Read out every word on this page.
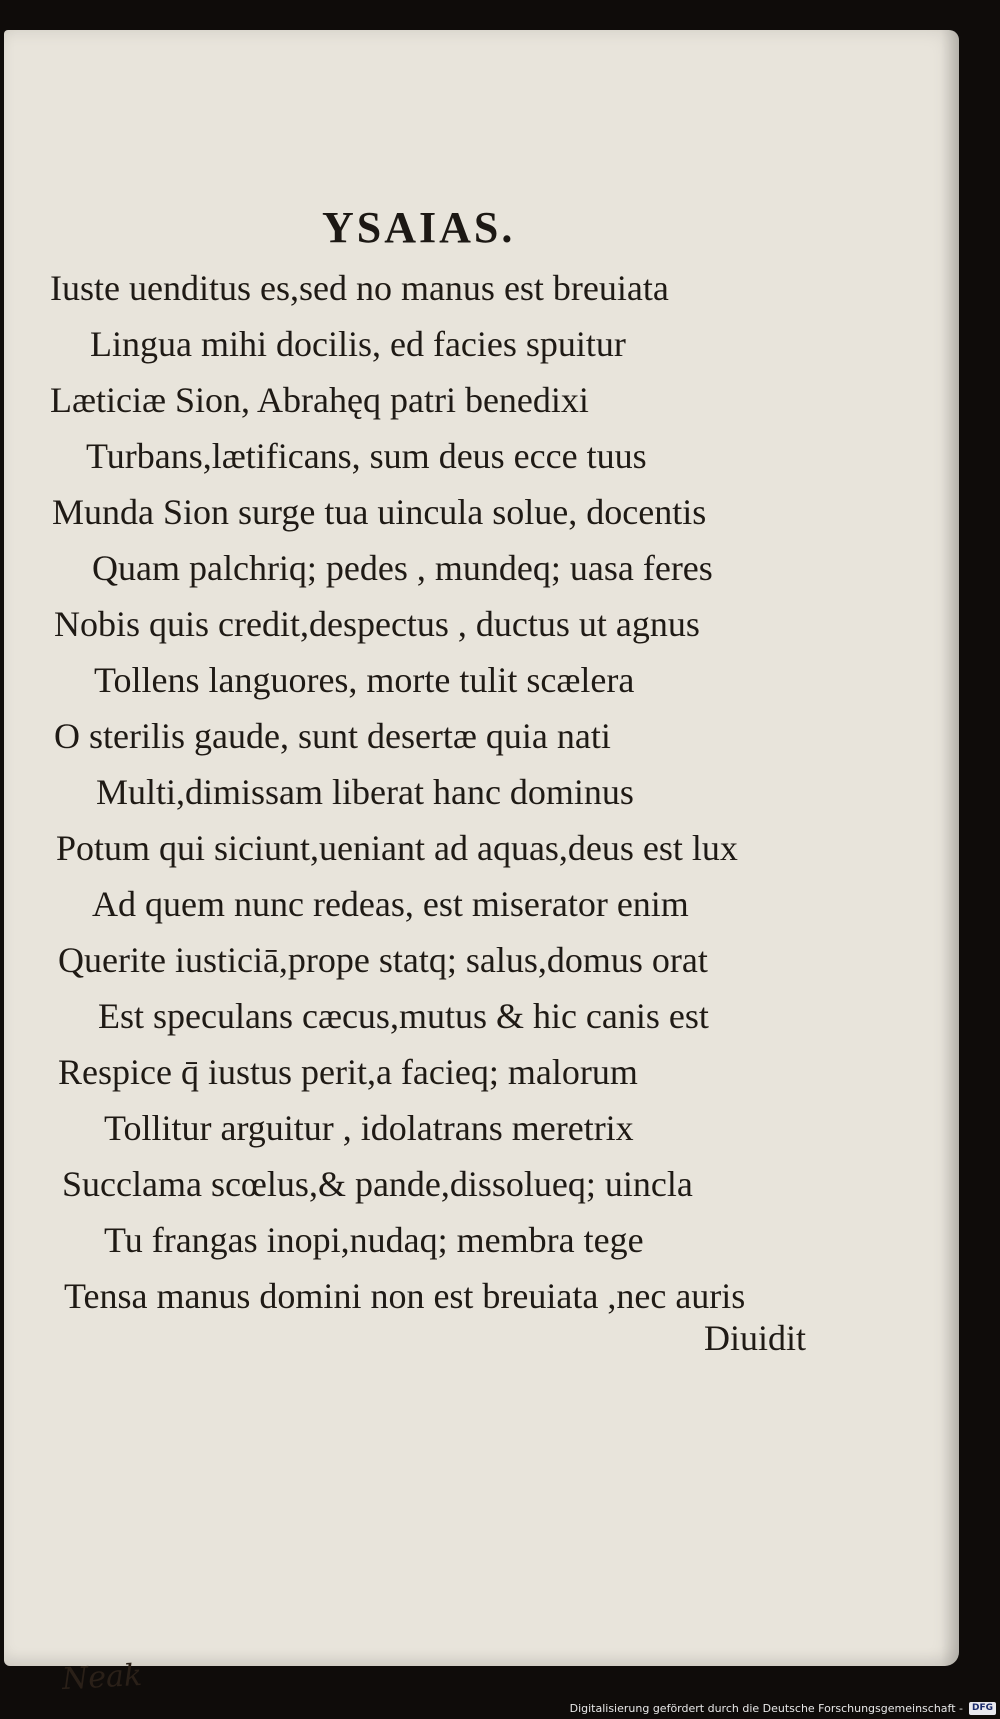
YSAIAS.
Iuste uenditus es,sed no manus est breuiata
Lingua mihi docilis, ed facies spuitur
Læticiæ Sion, Abrahęq patri benedixi
Turbans,lætificans, sum deus ecce tuus
Munda Sion surge tua uincula solue, docentis
Quam palchriq; pedes , mundeq; uasa feres
Nobis quis credit,despectus , ductus ut agnus
Tollens languores, morte tulit scælera
O sterilis gaude, sunt desertæ quia nati
Multi,dimissam liberat hanc dominus
Potum qui siciunt,ueniant ad aquas,deus est lux
Ad quem nunc redeas, est miserator enim
Querite iusticiā,prope statq; salus,domus orat
Est speculans cæcus,mutus & hic canis est
Respice q̄ iustus perit,a facieq; malorum
Tollitur arguitur , idolatrans meretrix
Succlama scœlus,& pande,dissolueq; uincla
Tu frangas inopi,nudaq; membra tege
Tensa manus domini non est breuiata ,nec auris
Diuidit
Neak
Digitalisierung gefördert durch die Deutsche Forschungsgemeinschaft -	DFG
